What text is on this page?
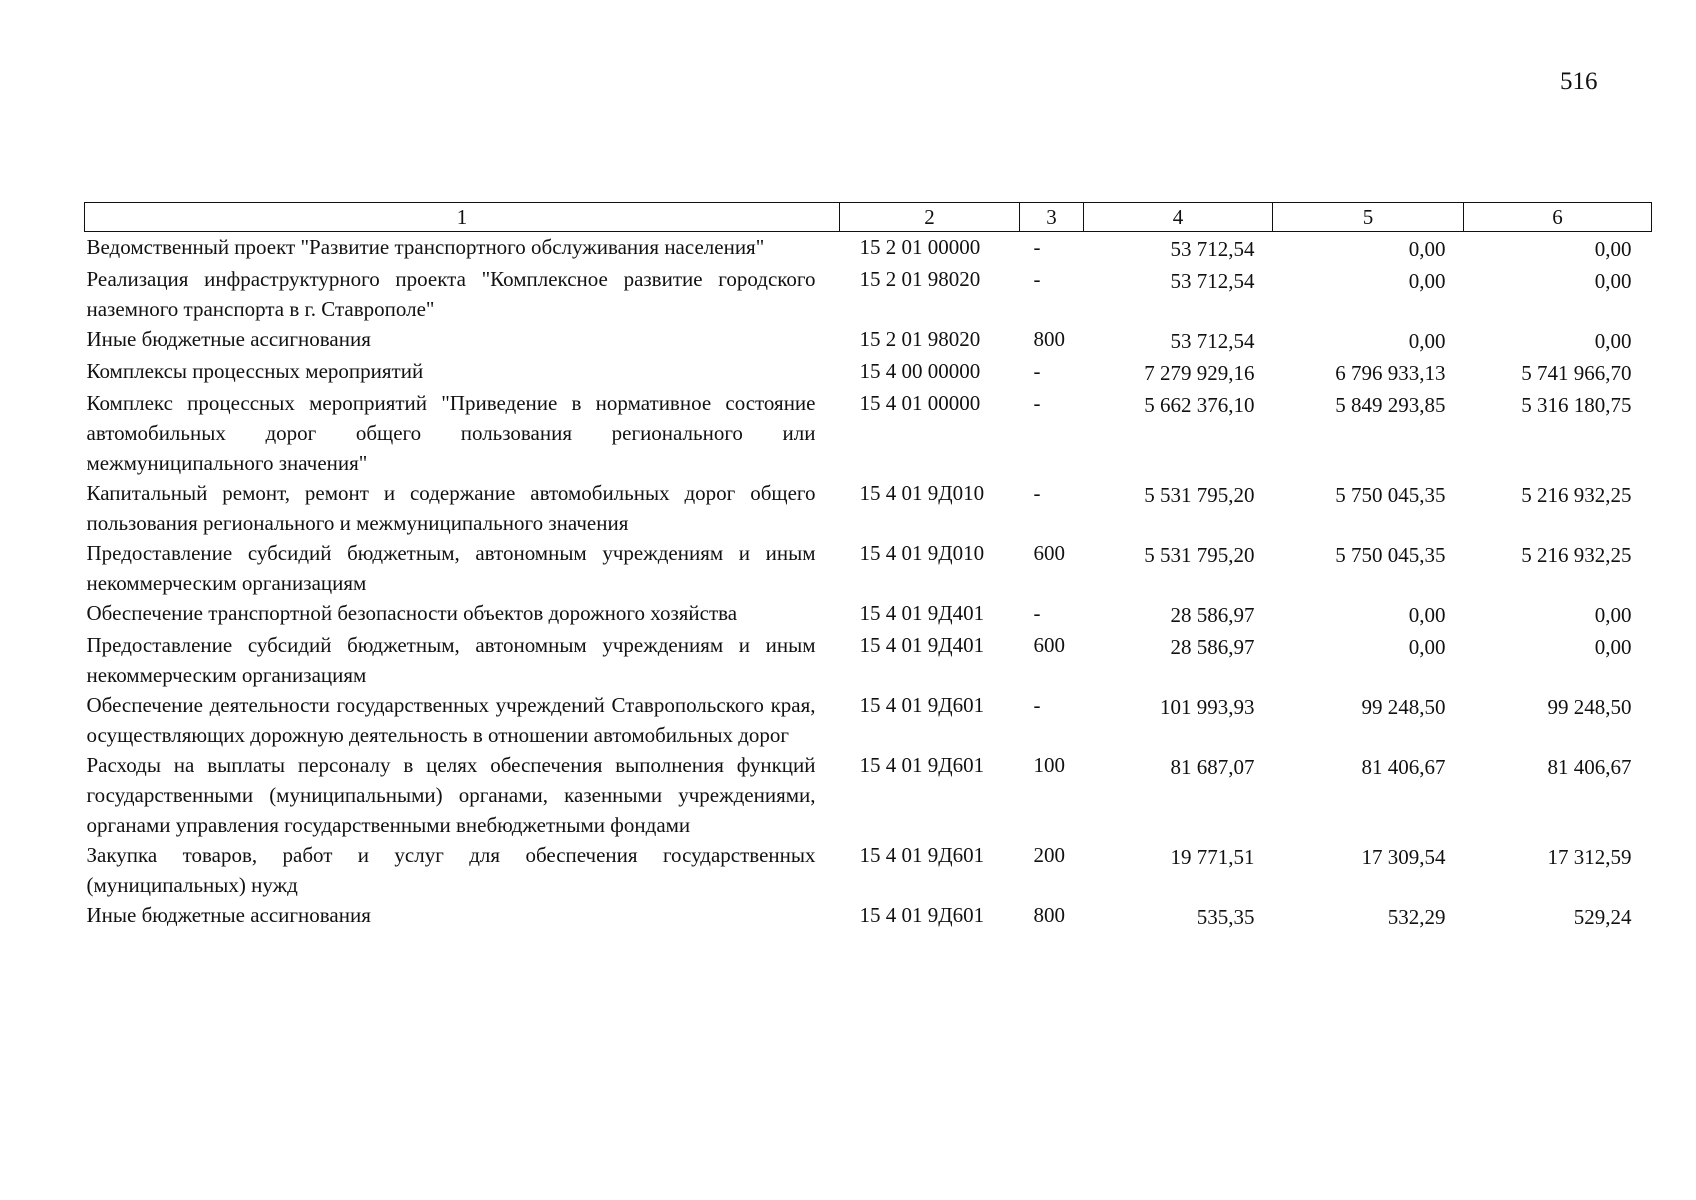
516
1	2	3	4	5	6
Ведомственный проект "Развитие транспортного обслуживания населения"	15 2 01 00000	-	53 712,54	0,00	0,00
Реализация инфраструктурного проекта "Комплексное развитие городского наземного транспорта в г. Ставрополе"	15 2 01 98020	-	53 712,54	0,00	0,00
Иные бюджетные ассигнования	15 2 01 98020	800	53 712,54	0,00	0,00
Комплексы процессных мероприятий	15 4 00 00000	-	7 279 929,16	6 796 933,13	5 741 966,70
Комплекс процессных мероприятий "Приведение в нормативное состояние автомобильных дорог общего пользования регионального или межмуниципального значения"	15 4 01 00000	-	5 662 376,10	5 849 293,85	5 316 180,75
Капитальный ремонт, ремонт и содержание автомобильных дорог общего пользования регионального и межмуниципального значения	15 4 01 9Д010	-	5 531 795,20	5 750 045,35	5 216 932,25
Предоставление субсидий бюджетным, автономным учреждениям и иным некоммерческим организациям	15 4 01 9Д010	600	5 531 795,20	5 750 045,35	5 216 932,25
Обеспечение транспортной безопасности объектов дорожного хозяйства	15 4 01 9Д401	-	28 586,97	0,00	0,00
Предоставление субсидий бюджетным, автономным учреждениям и иным некоммерческим организациям	15 4 01 9Д401	600	28 586,97	0,00	0,00
Обеспечение деятельности государственных учреждений Ставропольского края, осуществляющих дорожную деятельность в отношении автомобильных дорог	15 4 01 9Д601	-	101 993,93	99 248,50	99 248,50
Расходы на выплаты персоналу в целях обеспечения выполнения функций государственными (муниципальными) органами, казенными учреждениями, органами управления государственными внебюджетными фондами	15 4 01 9Д601	100	81 687,07	81 406,67	81 406,67
Закупка товаров, работ и услуг для обеспечения государственных (муниципальных) нужд	15 4 01 9Д601	200	19 771,51	17 309,54	17 312,59
Иные бюджетные ассигнования	15 4 01 9Д601	800	535,35	532,29	529,24
